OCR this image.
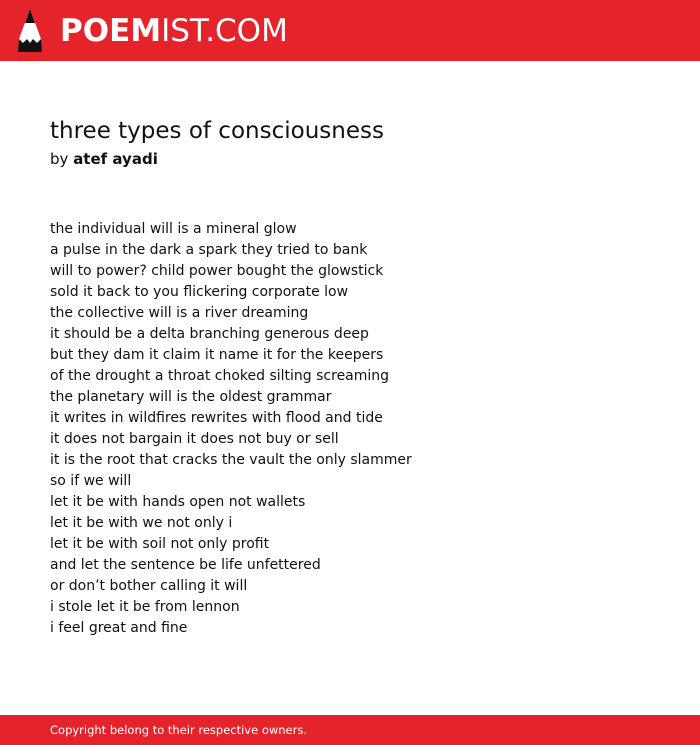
POEMIST.COM
three types of consciousness
by atef ayadi
the individual will is a mineral glow
a pulse in the dark a spark they tried to bank
will to power? child power bought the glowstick
sold it back to you flickering corporate low
the collective will is a river dreaming
it should be a delta branching generous deep
but they dam it claim it name it for the keepers
of the drought a throat choked silting screaming
the planetary will is the oldest grammar
it writes in wildfires rewrites with flood and tide
it does not bargain it does not buy or sell
it is the root that cracks the vault the only slammer
so if we will
let it be with hands open not wallets
let it be with we not only i
let it be with soil not only profit
and let the sentence be life unfettered
or don’t bother calling it will
i stole let it be from lennon
i feel great and fine
Copyright belong to their respective owners.
